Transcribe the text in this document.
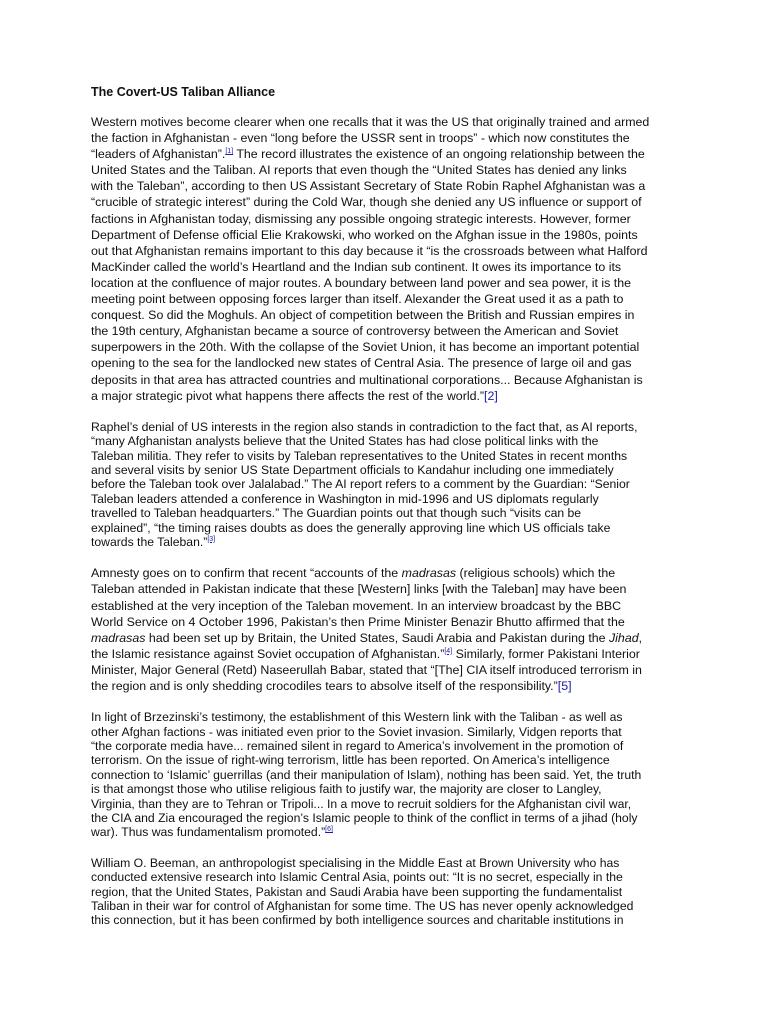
The Covert-US Taliban Alliance

Western motives become clearer when one recalls that it was the US that originally trained and armed
the faction in Afghanistan - even “long before the USSR sent in troops” - which now constitutes the
“leaders of Afghanistan”.[1] The record illustrates the existence of an ongoing relationship between the
United States and the Taliban. AI reports that even though the “United States has denied any links
with the Taleban”, according to then US Assistant Secretary of State Robin Raphel Afghanistan was a
“crucible of strategic interest” during the Cold War, though she denied any US influence or support of
factions in Afghanistan today, dismissing any possible ongoing strategic interests. However, former
Department of Defense official Elie Krakowski, who worked on the Afghan issue in the 1980s, points
out that Afghanistan remains important to this day because it “is the crossroads between what Halford
MacKinder called the world’s Heartland and the Indian sub continent. It owes its importance to its
location at the confluence of major routes. A boundary between land power and sea power, it is the
meeting point between opposing forces larger than itself. Alexander the Great used it as a path to
conquest. So did the Moghuls. An object of competition between the British and Russian empires in
the 19th century, Afghanistan became a source of controversy between the American and Soviet
superpowers in the 20th. With the collapse of the Soviet Union, it has become an important potential
opening to the sea for the landlocked new states of Central Asia. The presence of large oil and gas
deposits in that area has attracted countries and multinational corporations... Because Afghanistan is
a major strategic pivot what happens there affects the rest of the world.”[2]

Raphel’s denial of US interests in the region also stands in contradiction to the fact that, as AI reports,
“many Afghanistan analysts believe that the United States has had close political links with the
Taleban militia. They refer to visits by Taleban representatives to the United States in recent months
and several visits by senior US State Department officials to Kandahur including one immediately
before the Taleban took over Jalalabad.” The AI report refers to a comment by the Guardian: “Senior
Taleban leaders attended a conference in Washington in mid-1996 and US diplomats regularly
travelled to Taleban headquarters.” The Guardian points out that though such “visits can be
explained”, “the timing raises doubts as does the generally approving line which US officials take
towards the Taleban.”[3]

Amnesty goes on to confirm that recent “accounts of the madrasas (religious schools) which the
Taleban attended in Pakistan indicate that these [Western] links [with the Taleban] may have been
established at the very inception of the Taleban movement. In an interview broadcast by the BBC
World Service on 4 October 1996, Pakistan’s then Prime Minister Benazir Bhutto affirmed that the
madrasas had been set up by Britain, the United States, Saudi Arabia and Pakistan during the Jihad,
the Islamic resistance against Soviet occupation of Afghanistan.”[4] Similarly, former Pakistani Interior
Minister, Major General (Retd) Naseerullah Babar, stated that “[The] CIA itself introduced terrorism in
the region and is only shedding crocodiles tears to absolve itself of the responsibility.”[5]

In light of Brzezinski’s testimony, the establishment of this Western link with the Taliban - as well as
other Afghan factions - was initiated even prior to the Soviet invasion. Similarly, Vidgen reports that
“the corporate media have... remained silent in regard to America’s involvement in the promotion of
terrorism. On the issue of right-wing terrorism, little has been reported. On America’s intelligence
connection to ‘Islamic’ guerrillas (and their manipulation of Islam), nothing has been said. Yet, the truth
is that amongst those who utilise religious faith to justify war, the majority are closer to Langley,
Virginia, than they are to Tehran or Tripoli... In a move to recruit soldiers for the Afghanistan civil war,
the CIA and Zia encouraged the region’s Islamic people to think of the conflict in terms of a jihad (holy
war). Thus was fundamentalism promoted.”[6]

William O. Beeman, an anthropologist specialising in the Middle East at Brown University who has
conducted extensive research into Islamic Central Asia, points out: “It is no secret, especially in the
region, that the United States, Pakistan and Saudi Arabia have been supporting the fundamentalist
Taliban in their war for control of Afghanistan for some time. The US has never openly acknowledged
this connection, but it has been confirmed by both intelligence sources and charitable institutions in
